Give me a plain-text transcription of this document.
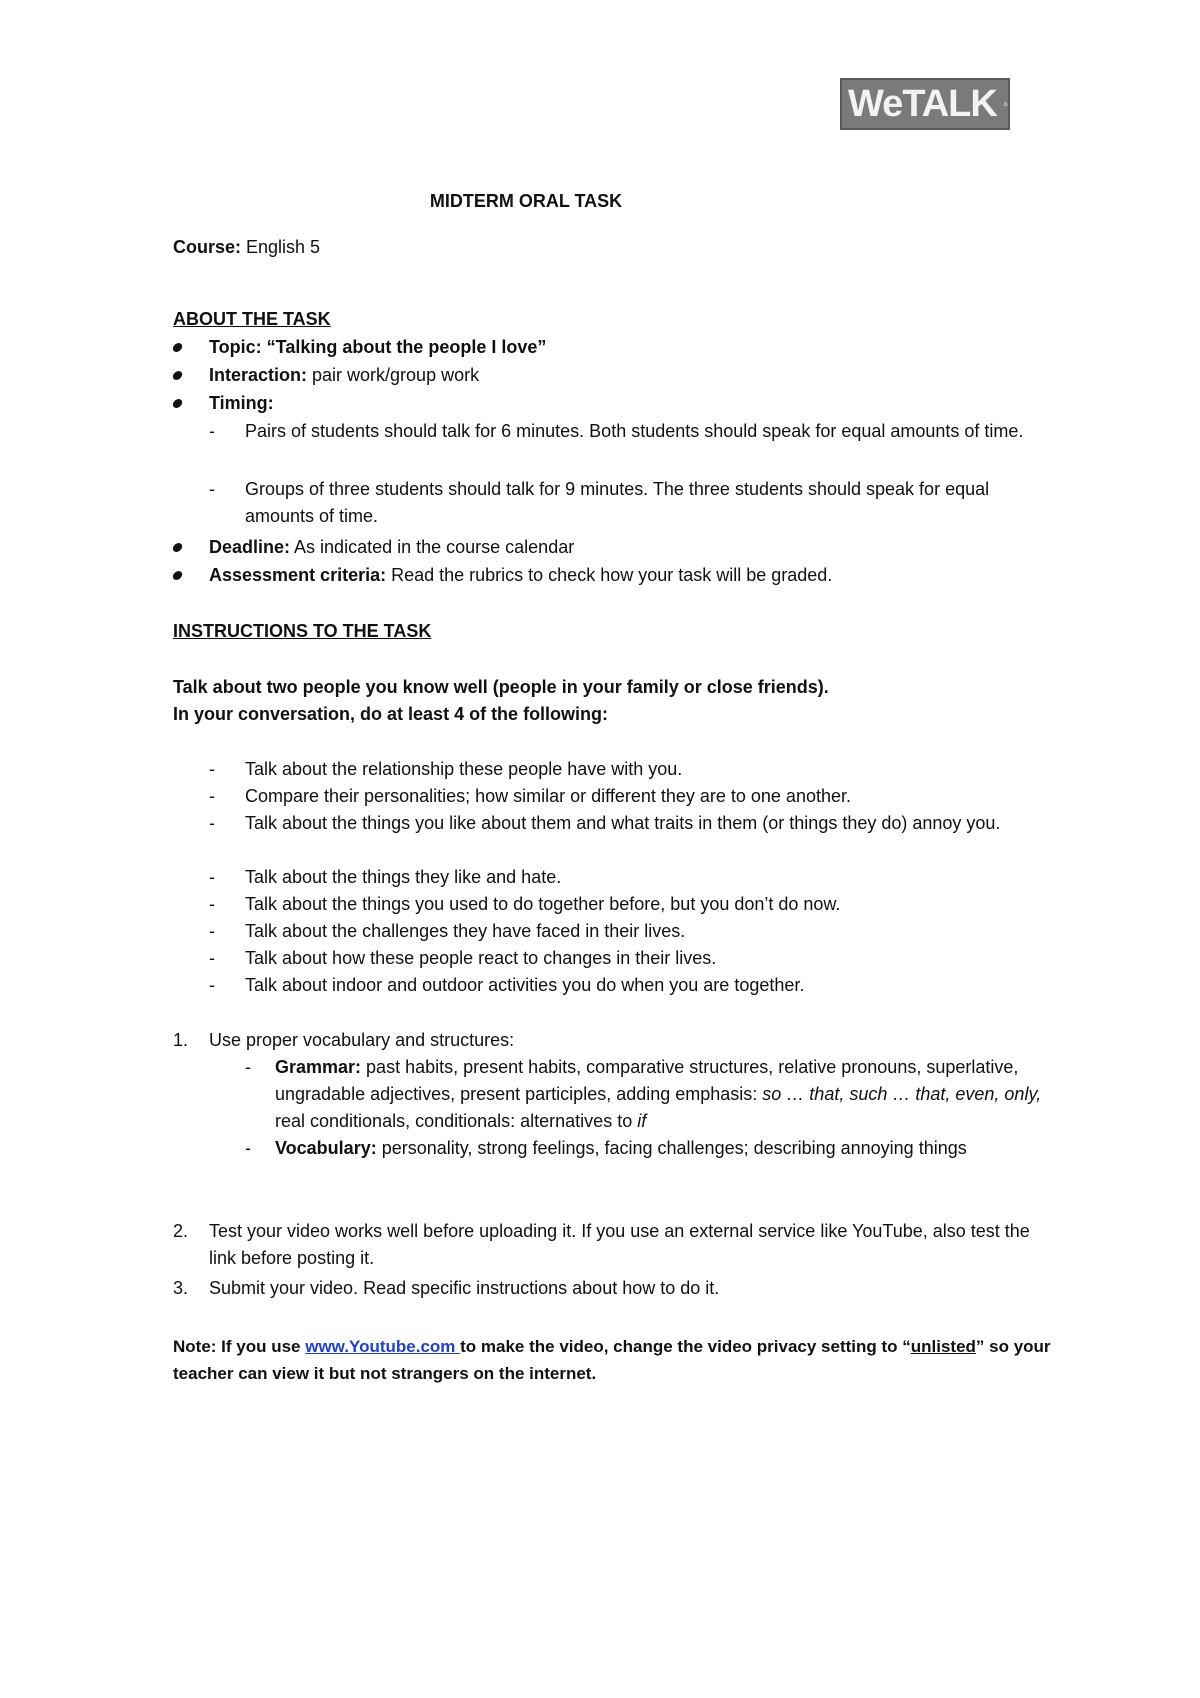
WeTALK
MIDTERM ORAL TASK
Course: English 5
ABOUT THE TASK
Topic: “Talking about the people I love”
Interaction: pair work/group work
Timing:
- Pairs of students should talk for 6 minutes. Both students should speak for equal amounts of time.
- Groups of three students should talk for 9 minutes. The three students should speak for equal amounts of time.
Deadline: As indicated in the course calendar
Assessment criteria: Read the rubrics to check how your task will be graded.
INSTRUCTIONS TO THE TASK
Talk about two people you know well (people in your family or close friends).
In your conversation, do at least 4 of the following:
- Talk about the relationship these people have with you.
- Compare their personalities; how similar or different they are to one another.
- Talk about the things you like about them and what traits in them (or things they do) annoy you.
- Talk about the things they like and hate.
- Talk about the things you used to do together before, but you don’t do now.
- Talk about the challenges they have faced in their lives.
- Talk about how these people react to changes in their lives.
- Talk about indoor and outdoor activities you do when you are together.
1. Use proper vocabulary and structures:
- Grammar: past habits, present habits, comparative structures, relative pronouns, superlative, ungradable adjectives, present participles, adding emphasis: so … that, such … that, even, only, real conditionals, conditionals: alternatives to if
- Vocabulary: personality, strong feelings, facing challenges; describing annoying things
2. Test your video works well before uploading it. If you use an external service like YouTube, also test the link before posting it.
3. Submit your video. Read specific instructions about how to do it.
Note: If you use www.Youtube.com to make the video, change the video privacy setting to “unlisted” so your teacher can view it but not strangers on the internet.
